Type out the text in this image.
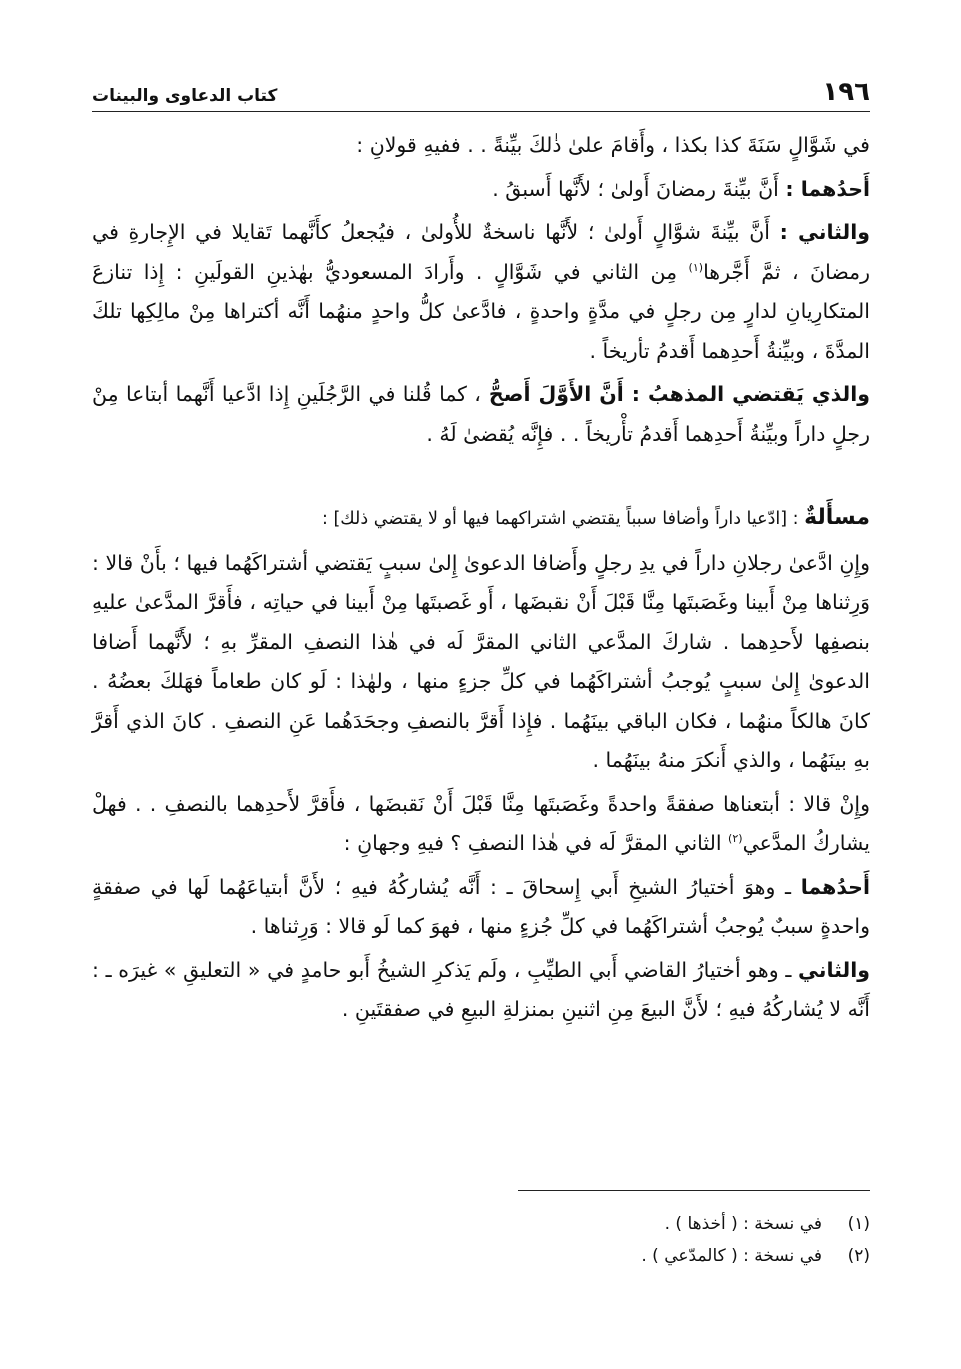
١٩٦
كتاب الدعاوى والبينات

في شَوَّالٍ سَنَةَ كذا بكذا ، وأَقامَ علىٰ ذٰلكَ بيِّنةً . . ففيهِ قولانِ :

أَحدُهما : أَنَّ بيِّنةَ رمضانَ أَولىٰ ؛ لأَنَّها أَسبقُ .

والثاني : أَنَّ بيِّنةَ شوَّالٍ أَولىٰ ؛ لأَنَّها ناسخةٌ للأُولىٰ ، فيُجعلُ كأَنَّهما تَقايلا في الإِجارةِ في رمضانَ ، ثمَّ أَجَّرها$^{(١)}$ مِن الثاني في شَوَّالٍ . وأَرادَ المسعوديُّ بهٰذينِ القولَينِ : إِذا تنازعَ المتكارِيانِ لدارٍ مِن رجلٍ في مدَّةٍ واحدةٍ ، فادَّعىٰ كلُّ واحدٍ منهُما أَنَّه أكتراها مِنْ مالِكِها تلكَ المدَّةَ ، وبيِّنةُ أَحدِهما أَقدمُ تأريخاً .

والذي يَقتضي المذهبُ : أَنَّ الأَوَّلَ أَصحُّ ، كما قُلنا في الرَّجُلَينِ إِذا ادَّعيا أَنَّهما أبتاعا مِنْ رجلٍ داراً وبيِّنةُ أَحدِهما أَقدمُ تأْريخاً . . فإِنَّه يُقضىٰ لَهُ .

مسأَلةٌ : [ادّعيا داراً وأضافا سبباً يقتضي اشتراكهما فيها أو لا يقتضي ذلك] :

وإِنِ ادَّعىٰ رجلانِ داراً في يدِ رجلٍ وأَضافا الدعوىٰ إِلىٰ سببٍ يَقتضي أشتراكَهُما فيها ؛ بأَنْ قالا : وَرِثناها مِنْ أَبينا وغَصَبتَها مِنَّا قَبْلَ أَنْ نقبضَها ، أَو غَصبتَها مِنْ أَبينا في حياتِه ، فأَقرَّ المدَّعىٰ عليهِ بنصفِها لأَحدِهما . شاركَ المدَّعي الثاني المقرَّ لَه في هٰذا النصفِ المقرِّ بهِ ؛ لأَنَّهما أَضافا الدعوىٰ إِلىٰ سببٍ يُوجبُ أشتراكَهُما في كلِّ جزءٍ منها ، ولهٰذا : لَو كان طعاماً فهَلكَ بعضُهُ . كانَ هالكاً منهُما ، فكان الباقي بينَهُما . فإِذا أَقرَّ بالنصفِ وجحَدَهُما عَنِ النصفِ . كانَ الذي أَقرَّ بهِ بينَهُما ، والذي أَنكرَ منهُ بينَهُما .

وإِنْ قالا : أبتعناها صفقةً واحدةً وغَصَبتَها مِنَّا قَبْلَ أَنْ نَقبضَها ، فأَقرَّ لأَحدِهما بالنصفِ . . فهلْ يشاركُ المدَّعي$^{(٢)}$ الثاني المقرَّ لَه في هٰذا النصفِ ؟ فيهِ وجهانِ :

أَحدُهما ـ وهوَ أختيارُ الشيخِ أَبي إِسحاقَ ـ : أَنَّه يُشاركُهُ فيهِ ؛ لأَنَّ أبتياعَهُما لَها في صفقةٍ واحدةٍ سببٌ يُوجبُ أشتراكَهُما في كلِّ جُزءٍ منها ، فهوَ كما لَو قالا : وَرِثناها .

والثاني ـ وهو أختيارُ القاضي أَبي الطيِّبِ ، ولَم يَذكرِ الشيخُ أَبو حامدٍ في « التعليقِ » غيرَه ـ : أَنَّه لا يُشاركُهُ فيهِ ؛ لأَنَّ البيعَ مِنِ اثنينِ بمنزلةِ البيعِ في صفقتَينِ .

(١)
في نسخة : ( أخذها ) .
(٢)
في نسخة : ( كالمدّعي ) .
